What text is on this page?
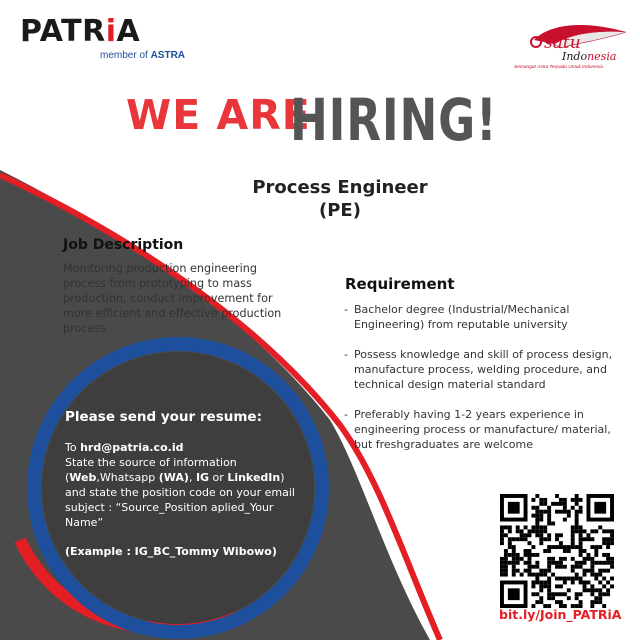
PATRiA
member of ASTRA
satu
Indonesia
Semangat Astra Terpadu Untuk Indonesia
WE ARE
HIRING!
Process Engineer
(PE)
Job Description
Monitoring production engineering process from prototyping to mass production, conduct improvement for more efficient and effective production process
Requirement
- Bachelor degree (Industrial/Mechanical Engineering) from reputable university
- Possess knowledge and skill of process design, manufacture process, welding procedure, and technical design material standard
- Preferably having 1-2 years experience in engineering process or manufacture/ material, but freshgraduates are welcome
Please send your resume:
To hrd@patria.co.id
State the source of information
(Web,Whatsapp (WA), IG or LinkedIn)
and state the position code on your email subject : “Source_Position aplied_Your Name”
(Example : IG_BC_Tommy Wibowo)
bit.ly/Join_PATRiA
